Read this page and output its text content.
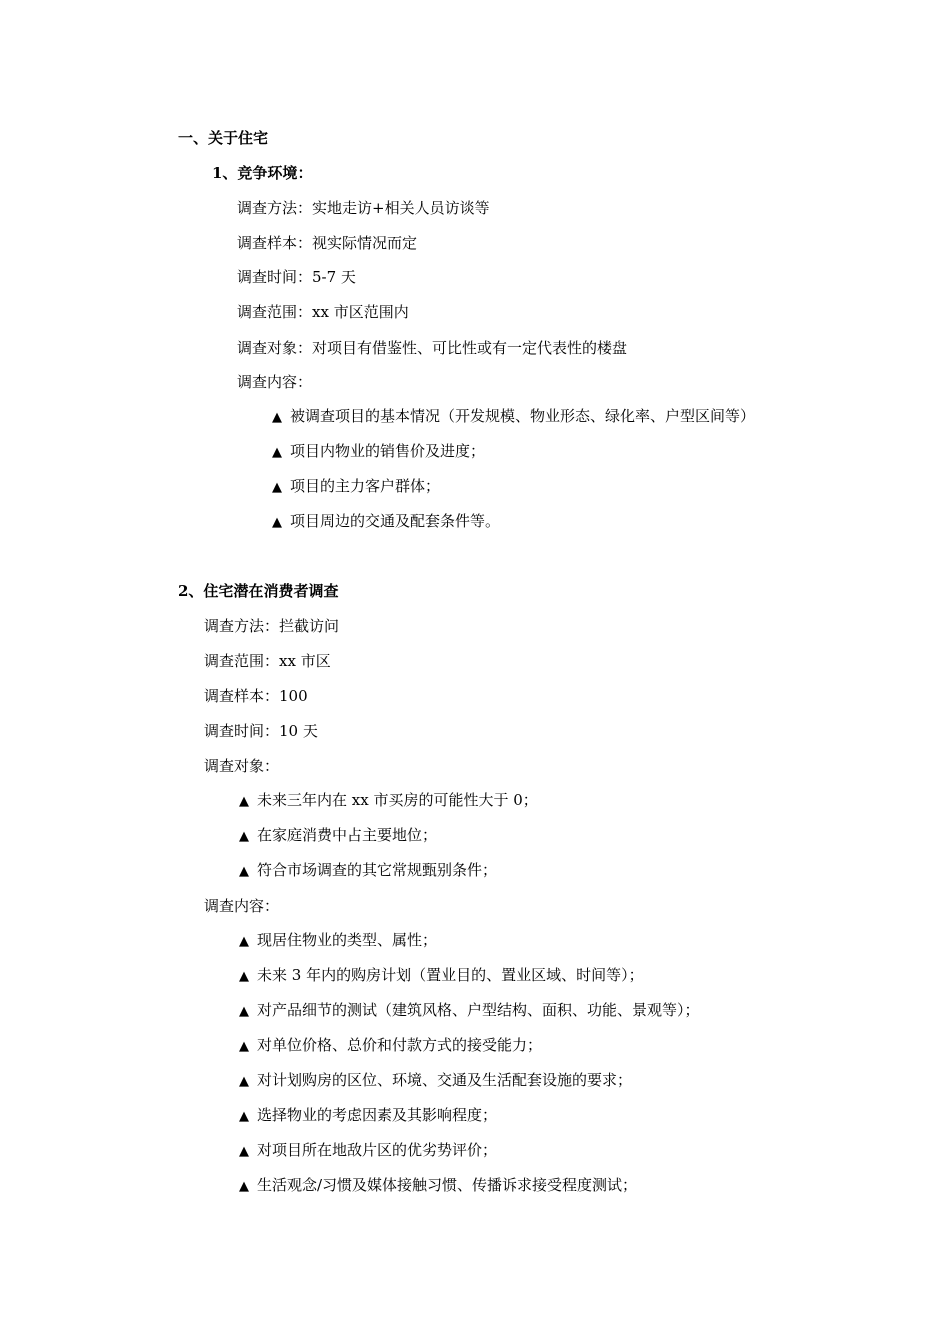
一、关于住宅
1、竞争环境：
调查方法：实地走访+相关人员访谈等
调查样本：视实际情况而定
调查时间：5-7 天
调查范围：xx 市区范围内
调查对象：对项目有借鉴性、可比性或有一定代表性的楼盘
调查内容：
▲ 被调查项目的基本情况（开发规模、物业形态、绿化率、户型区间等）
▲ 项目内物业的销售价及进度；
▲ 项目的主力客户群体；
▲ 项目周边的交通及配套条件等。
2、住宅潜在消费者调查
调查方法：拦截访问
调查范围：xx 市区
调查样本：100
调查时间：10 天
调查对象：
▲ 未来三年内在 xx 市买房的可能性大于 0；
▲ 在家庭消费中占主要地位；
▲ 符合市场调查的其它常规甄别条件；
调查内容：
▲ 现居住物业的类型、属性；
▲ 未来 3 年内的购房计划（置业目的、置业区域、时间等）；
▲ 对产品细节的测试（建筑风格、户型结构、面积、功能、景观等）；
▲ 对单位价格、总价和付款方式的接受能力；
▲ 对计划购房的区位、环境、交通及生活配套设施的要求；
▲ 选择物业的考虑因素及其影响程度；
▲ 对项目所在地敌片区的优劣势评价；
▲ 生活观念/习惯及媒体接触习惯、传播诉求接受程度测试；
